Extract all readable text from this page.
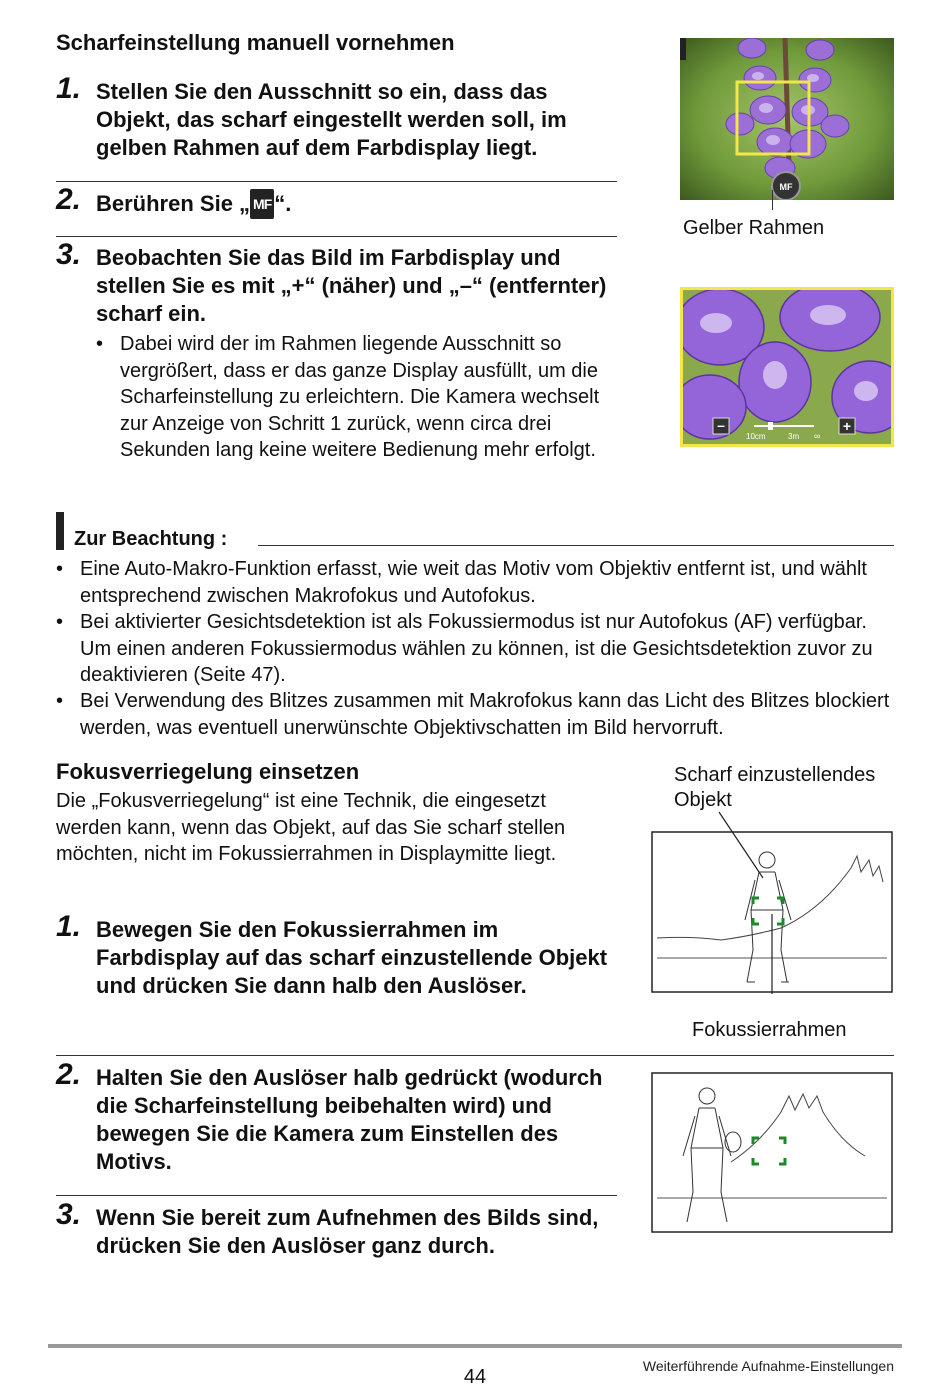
Scharfeinstellung manuell vornehmen
1. Stellen Sie den Ausschnitt so ein, dass das Objekt, das scharf eingestellt werden soll, im gelben Rahmen auf dem Farbdisplay liegt.
2. Berühren Sie „ MF “.
3. Beobachten Sie das Bild im Farbdisplay und stellen Sie es mit „+“ (näher) und „–“ (entfernter) scharf ein.
• Dabei wird der im Rahmen liegende Ausschnitt so vergrößert, dass er das ganze Display ausfüllt, um die Scharfeinstellung zu erleichtern. Die Kamera wechselt zur Anzeige von Schritt 1 zurück, wenn circa drei Sekunden lang keine weitere Bedienung mehr erfolgt.
MF
Gelber Rahmen
–	+
10cm	3m ∞
Zur Beachtung :
• Eine Auto-Makro-Funktion erfasst, wie weit das Motiv vom Objektiv entfernt ist, und wählt entsprechend zwischen Makrofokus und Autofokus.
• Bei aktivierter Gesichtsdetektion ist als Fokussiermodus ist nur Autofokus (AF) verfügbar. Um einen anderen Fokussiermodus wählen zu können, ist die Gesichtsdetektion zuvor zu deaktivieren (Seite 47).
• Bei Verwendung des Blitzes zusammen mit Makrofokus kann das Licht des Blitzes blockiert werden, was eventuell unerwünschte Objektivschatten im Bild hervorruft.
Fokusverriegelung einsetzen
Die „Fokusverriegelung“ ist eine Technik, die eingesetzt werden kann, wenn das Objekt, auf das Sie scharf stellen möchten, nicht im Fokussierrahmen in Displaymitte liegt.
1. Bewegen Sie den Fokussierrahmen im Farbdisplay auf das scharf einzustellende Objekt und drücken Sie dann halb den Auslöser.
2. Halten Sie den Auslöser halb gedrückt (wodurch die Scharfeinstellung beibehalten wird) und bewegen Sie die Kamera zum Einstellen des Motivs.
3. Wenn Sie bereit zum Aufnehmen des Bilds sind, drücken Sie den Auslöser ganz durch.
Scharf einzustellendes Objekt
Fokussierrahmen
44	Weiterführende Aufnahme-Einstellungen
